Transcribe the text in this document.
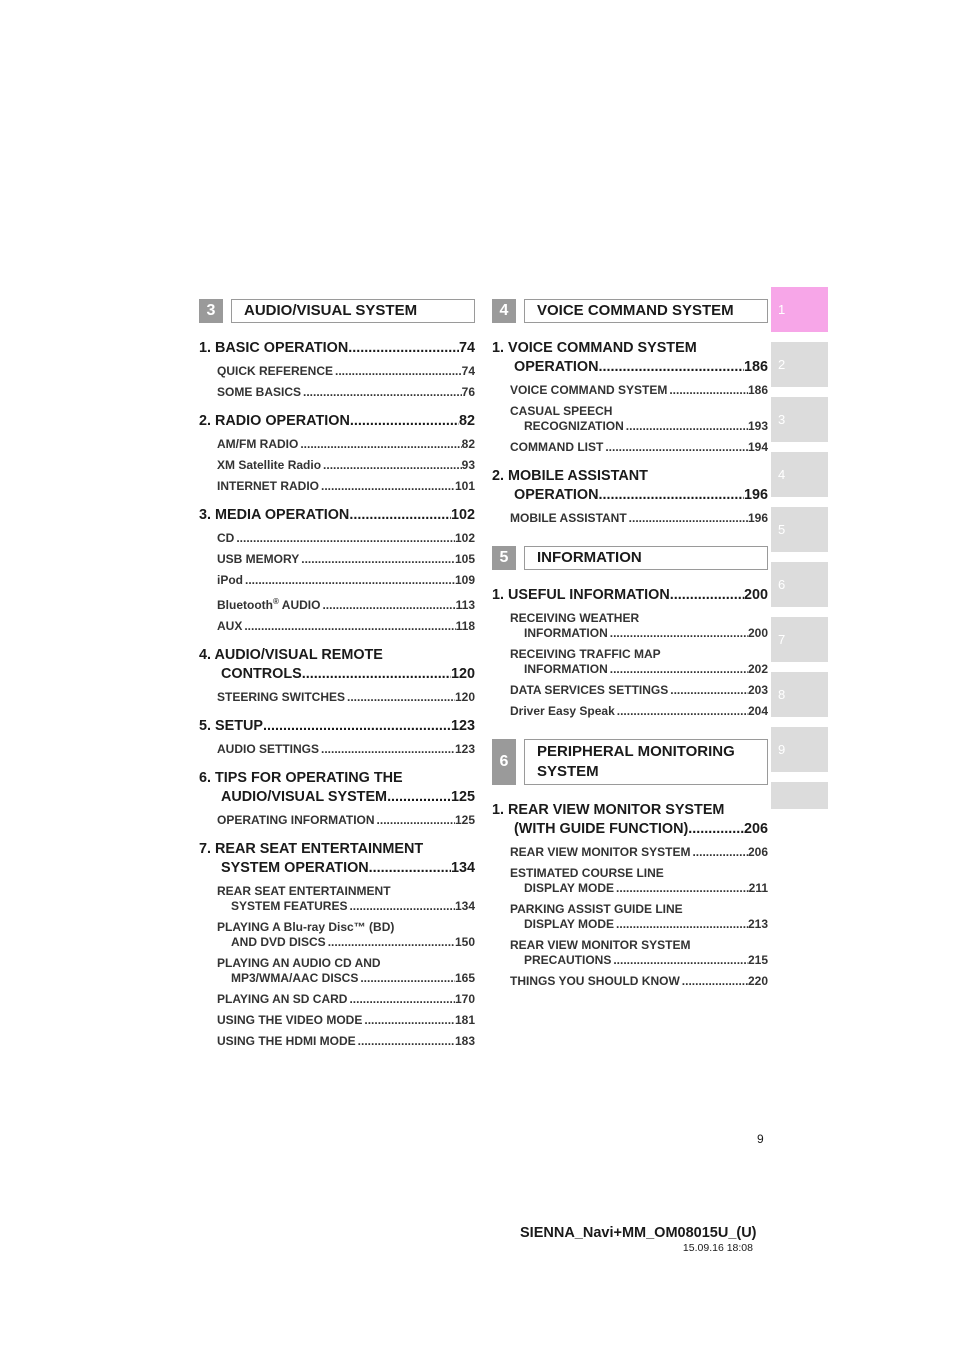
3	AUDIO/VISUAL SYSTEM
1. BASIC OPERATION .....	74
QUICK REFERENCE .....	74
SOME BASICS .....	76
2. RADIO OPERATION .....	82
AM/FM RADIO .....	82
XM Satellite Radio .....	93
INTERNET RADIO .....	101
3. MEDIA OPERATION .....	102
CD .....	102
USB MEMORY .....	105
iPod .....	109
Bluetooth® AUDIO .....	113
AUX .....	118
4. AUDIO/VISUAL REMOTE
CONTROLS .....	120
STEERING SWITCHES .....	120
5. SETUP .....	123
AUDIO SETTINGS .....	123
6. TIPS FOR OPERATING THE
AUDIO/VISUAL SYSTEM .....	125
OPERATING INFORMATION .....	125
7. REAR SEAT ENTERTAINMENT
SYSTEM OPERATION .....	134
REAR SEAT ENTERTAINMENT
SYSTEM FEATURES .....	134
PLAYING A Blu-ray Disc™ (BD)
AND DVD DISCS .....	150
PLAYING AN AUDIO CD AND
MP3/WMA/AAC DISCS .....	165
PLAYING AN SD CARD .....	170
USING THE VIDEO MODE .....	181
USING THE HDMI MODE .....	183
4	VOICE COMMAND SYSTEM
1. VOICE COMMAND SYSTEM
OPERATION .....	186
VOICE COMMAND SYSTEM .....	186
CASUAL SPEECH
RECOGNIZATION .....	193
COMMAND LIST .....	194
2. MOBILE ASSISTANT
OPERATION .....	196
MOBILE ASSISTANT .....	196
5	INFORMATION
1. USEFUL INFORMATION .....	200
RECEIVING WEATHER
INFORMATION .....	200
RECEIVING TRAFFIC MAP
INFORMATION .....	202
DATA SERVICES SETTINGS .....	203
Driver Easy Speak .....	204
6
PERIPHERAL MONITORING
SYSTEM
1. REAR VIEW MONITOR SYSTEM
(WITH GUIDE FUNCTION) .....	206
REAR VIEW MONITOR SYSTEM .....	206
ESTIMATED COURSE LINE
DISPLAY MODE .....	211
PARKING ASSIST GUIDE LINE
DISPLAY MODE .....	213
REAR VIEW MONITOR SYSTEM
PRECAUTIONS .....	215
THINGS YOU SHOULD KNOW .....	220
1
2
3
4
5
6
7
8
9
9
SIENNA_Navi+MM_OM08015U_(U)
15.09.16 18:08
